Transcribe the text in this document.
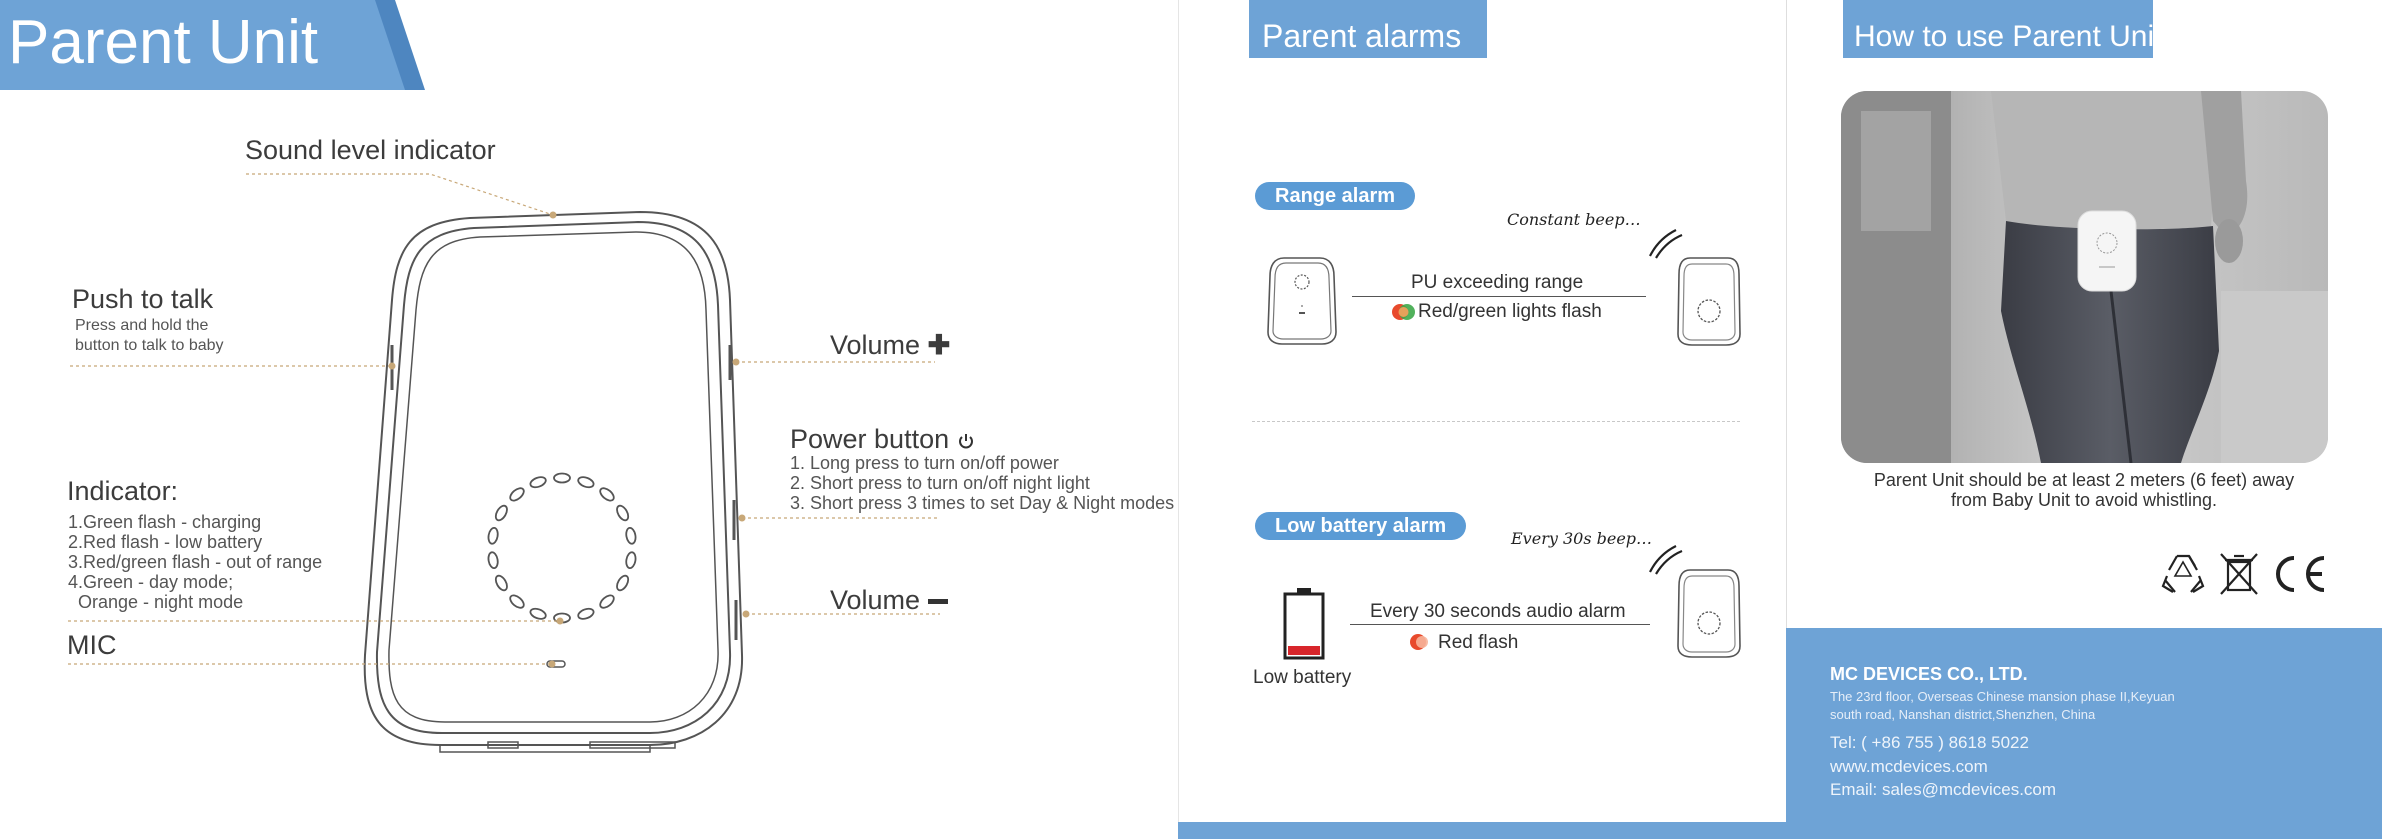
Parent Unit
Sound level indicator
Push to talk
Press and hold the
button to talk to baby	Volume ✚
Power button
1. Long press to turn on/off power
2. Short press to turn on/off night light
3. Short press 3 times to set Day & Night modes
Indicator:
1.Green flash - charging
2.Red flash - low battery
3.Red/green flash - out of range
4.Green - day mode;
Orange - night mode	Volume
MIC
Parent alarms
Range alarm
Constant beep…
PU exceeding range
Red/green lights flash
Low battery alarm
Every 30s beep…
Low battery
Every 30 seconds audio alarm
Red flash
How to use Parent Unit
Parent Unit should be at least 2 meters (6 feet) away from Baby Unit to avoid whistling.
MC DEVICES CO., LTD.
The 23rd floor, Overseas Chinese mansion phase II,Keyuan
south road, Nanshan district,Shenzhen, China
Tel: ( +86 755 ) 8618 5022
www.mcdevices.com
Email: sales@mcdevices.com
